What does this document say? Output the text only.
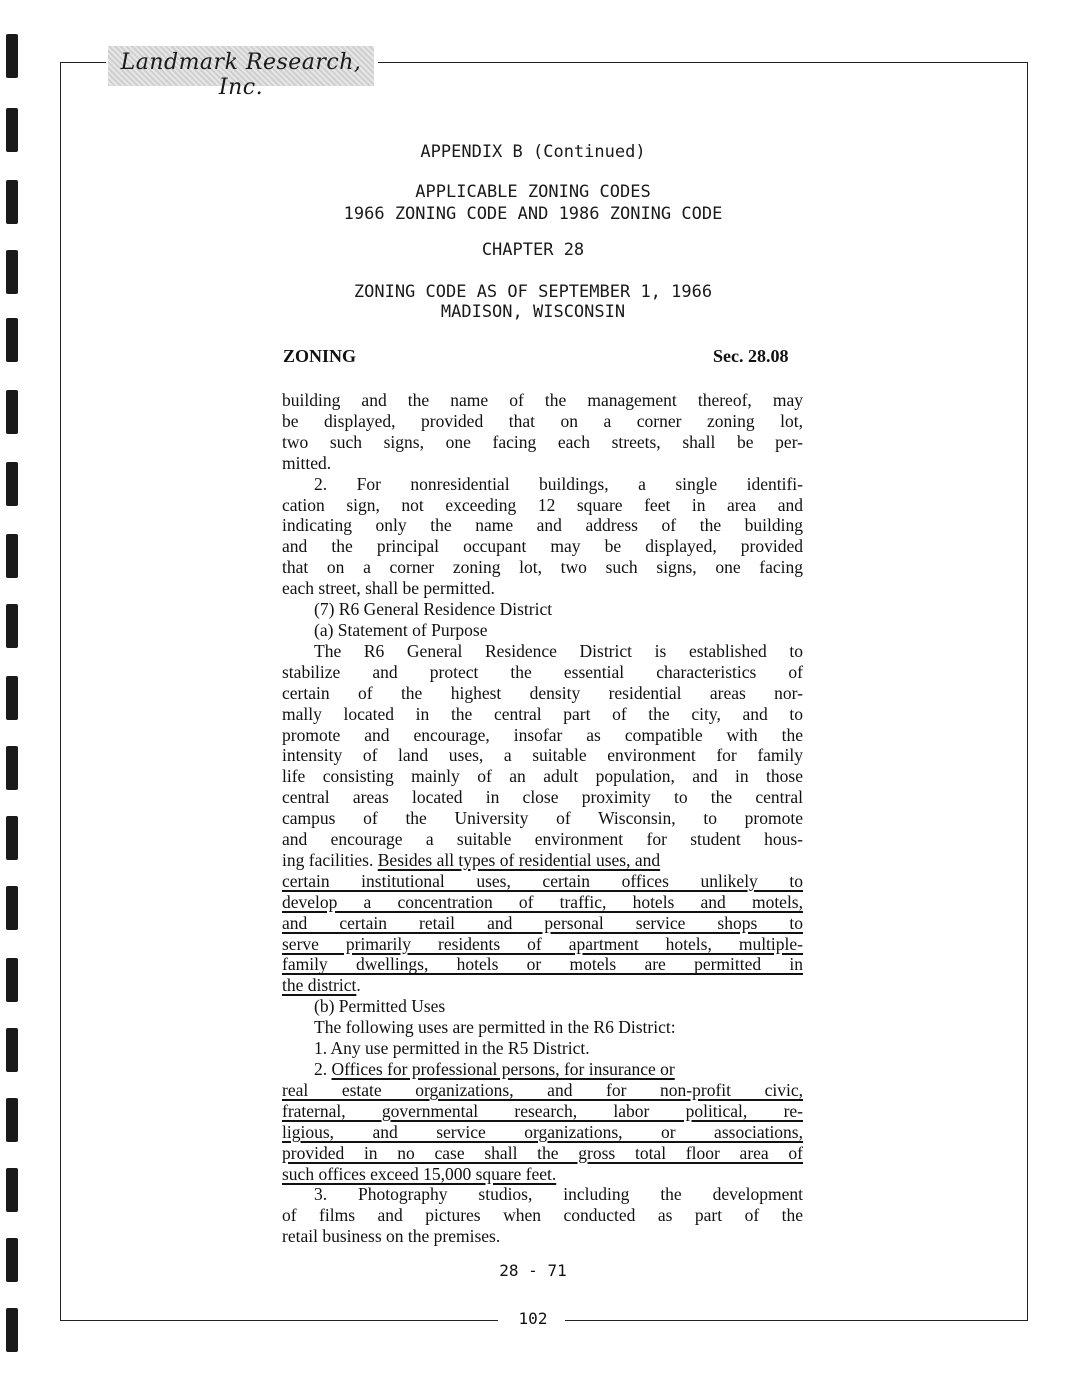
Landmark Research, Inc.
APPENDIX B (Continued)
APPLICABLE ZONING CODES
1966 ZONING CODE AND 1986 ZONING CODE
CHAPTER 28
ZONING CODE AS OF SEPTEMBER 1, 1966
MADISON, WISCONSIN
ZONING	Sec. 28.08
building and the name of the management thereof, may
be displayed, provided that on a corner zoning lot,
two such signs, one facing each streets, shall be per-
mitted.
2. For nonresidential buildings, a single identifi-
cation sign, not exceeding 12 square feet in area and
indicating only the name and address of the building
and the principal occupant may be displayed, provided
that on a corner zoning lot, two such signs, one facing
each street, shall be permitted.
(7) R6 General Residence District
(a) Statement of Purpose
The R6 General Residence District is established to
stabilize and protect the essential characteristics of
certain of the highest density residential areas nor-
mally located in the central part of the city, and to
promote and encourage, insofar as compatible with the
intensity of land uses, a suitable environment for family
life consisting mainly of an adult population, and in those
central areas located in close proximity to the central
campus of the University of Wisconsin, to promote
and encourage a suitable environment for student hous-
ing facilities. Besides all types of residential uses, and
certain institutional uses, certain offices unlikely to
develop a concentration of traffic, hotels and motels,
and certain retail and personal service shops to
serve primarily residents of apartment hotels, multiple-
family dwellings, hotels or motels are permitted in
the district.
(b) Permitted Uses
The following uses are permitted in the R6 District:
1. Any use permitted in the R5 District.
2. Offices for professional persons, for insurance or
real estate organizations, and for non-profit civic,
fraternal, governmental research, labor political, re-
ligious, and service organizations, or associations,
provided in no case shall the gross total floor area of
such offices exceed 15,000 square feet.
3. Photography studios, including the development
of films and pictures when conducted as part of the
retail business on the premises.
28 - 71
102
